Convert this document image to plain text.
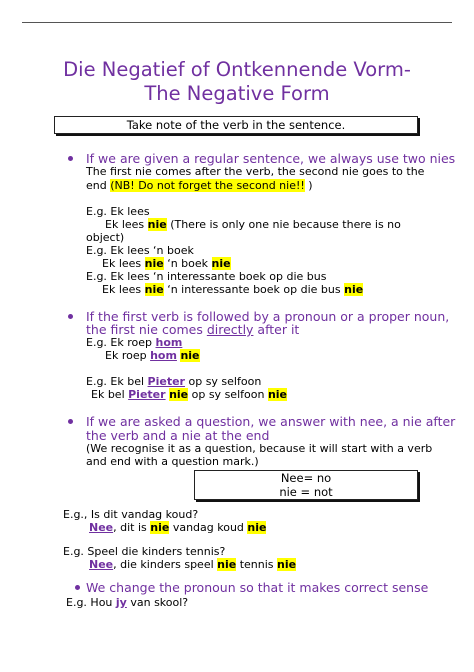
Die Negatief of Ontkennende Vorm-
The Negative Form
Take note of the verb in the sentence.
If we are given a regular sentence, we always use two nies
The first nie comes after the verb, the second nie goes to the
end (NB! Do not forget the second nie!! )
E.g. Ek lees
Ek lees nie (There is only one nie because there is no
object)
E.g. Ek lees ‘n boek
Ek lees nie ‘n boek nie
E.g. Ek lees ‘n interessante boek op die bus
Ek lees nie ‘n interessante boek op die bus nie
If the first verb is followed by a pronoun or a proper noun,
the first nie comes directly after it
E.g. Ek roep hom
Ek roep hom nie
E.g. Ek bel Pieter op sy selfoon
Ek bel Pieter nie op sy selfoon nie
If we are asked a question, we answer with nee, a nie after
the verb and a nie at the end
(We recognise it as a question, because it will start with a verb
and end with a question mark.)
Nee= no
nie = not
E.g., Is dit vandag koud?
Nee, dit is nie vandag koud nie
E.g. Speel die kinders tennis?
Nee, die kinders speel nie tennis nie
We change the pronoun so that it makes correct sense
E.g. Hou jy van skool?
